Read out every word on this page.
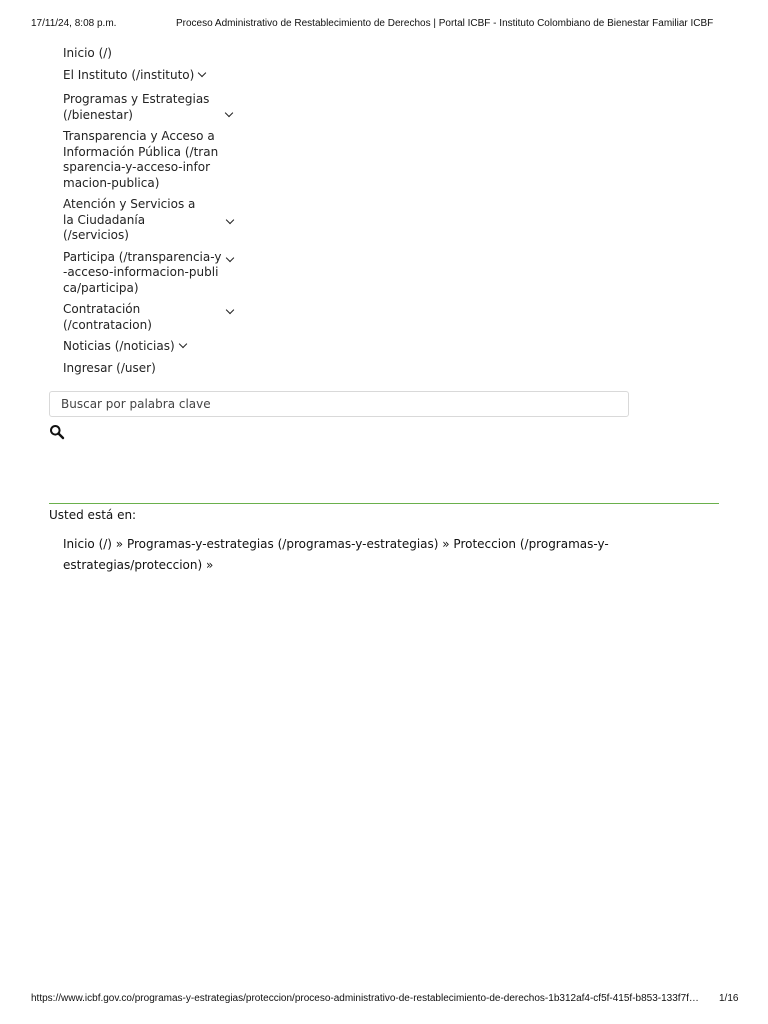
17/11/24, 8:08 p.m.	Proceso Administrativo de Restablecimiento de Derechos | Portal ICBF - Instituto Colombiano de Bienestar Familiar ICBF
Inicio (/)
El Instituto (/instituto)
Programas y Estrategias (/bienestar)
Transparencia y Acceso a Información Pública (/transparencia-y-acceso-informacion-publica)
Atención y Servicios a la Ciudadanía (/servicios)
Participa (/transparencia-y-acceso-informacion-publica/participa)
Contratación (/contratacion)
Noticias (/noticias)
Ingresar (/user)
Buscar por palabra clave
Usted está en:
Inicio (/) » Programas-y-estrategias (/programas-y-estrategias) » Proteccion (/programas-y-estrategias/proteccion) »
https://www.icbf.gov.co/programas-y-estrategias/proteccion/proceso-administrativo-de-restablecimiento-de-derechos-1b312af4-cf5f-415f-b853-133f7f… 1/16
